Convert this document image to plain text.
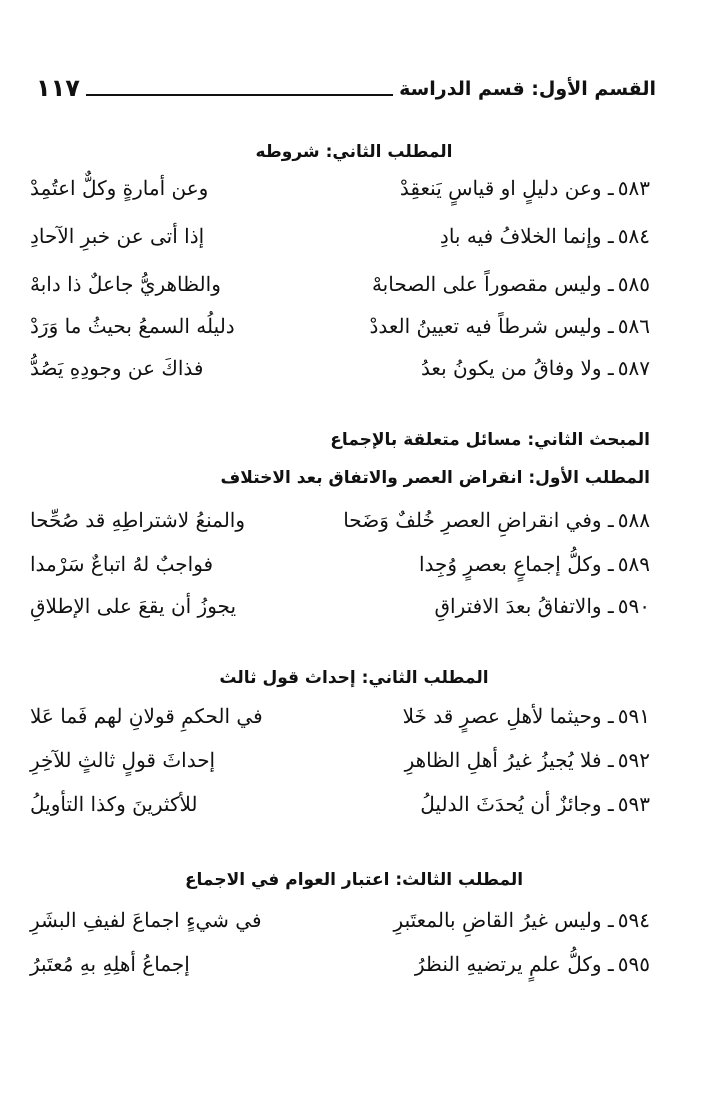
القسم الأول: قسم الدراسة
١١٧
المطلب الثاني: شروطه
٥٨٣ـ وعن دليلٍ او قياسٍ يَنعقِدْ
وعن أمارةٍ وكلٌّ اعتُمِدْ
٥٨٤ـ وإنما الخلافُ فيه بادِ
إذا أتى عن خبرِ الآحادِ
٥٨٥ـ وليس مقصوراً على الصحابهْ
والظاهريُّ جاعلٌ ذا دابهْ
٥٨٦ـ وليس شرطاً فيه تعيينُ العددْ
دليلُه السمعُ بحيثُ ما وَرَدْ
٥٨٧ـ ولا وفاقُ من يكونُ بعدُ
فذاكَ عن وجودِهِ يَصُدُّ
المبحث الثاني: مسائل متعلقة بالإجماع
المطلب الأول: انقراض العصر والاتفاق بعد الاختلاف
٥٨٨ـ وفي انقراضِ العصرِ خُلفٌ وَضَحا
والمنعُ لاشتراطِهِ قد صُحِّحا
٥٨٩ـ وكلُّ إجماعٍ بعصرٍ وُجِدا
فواجبٌ لهُ اتباعٌ سَرْمدا
٥٩٠ـ والاتفاقُ بعدَ الافتراقِ
يجوزُ أن يقعَ على الإطلاقِ
المطلب الثاني: إحداث قول ثالث
٥٩١ـ وحيثما لأهلِ عصرٍ قد خَلا
في الحكمِ قولانِ لهم فَما عَلا
٥٩٢ـ فلا يُجيزُ غيرُ أهلِ الظاهرِ
إحداثَ قولٍ ثالثٍ للآخِرِ
٥٩٣ـ وجائزٌ أن يُحدَثَ الدليلُ
للأكثرينَ وكذا التأويلُ
المطلب الثالث: اعتبار العوام في الاجماع
٥٩٤ـ وليس غيرُ القاضِ بالمعتَبرِ
في شيءٍ اجماعَ لفيفِ البشَرِ
٥٩٥ـ وكلُّ علمٍ يرتضيهِ النظرُ
إجماعُ أهلِهِ بهِ مُعتَبرُ
